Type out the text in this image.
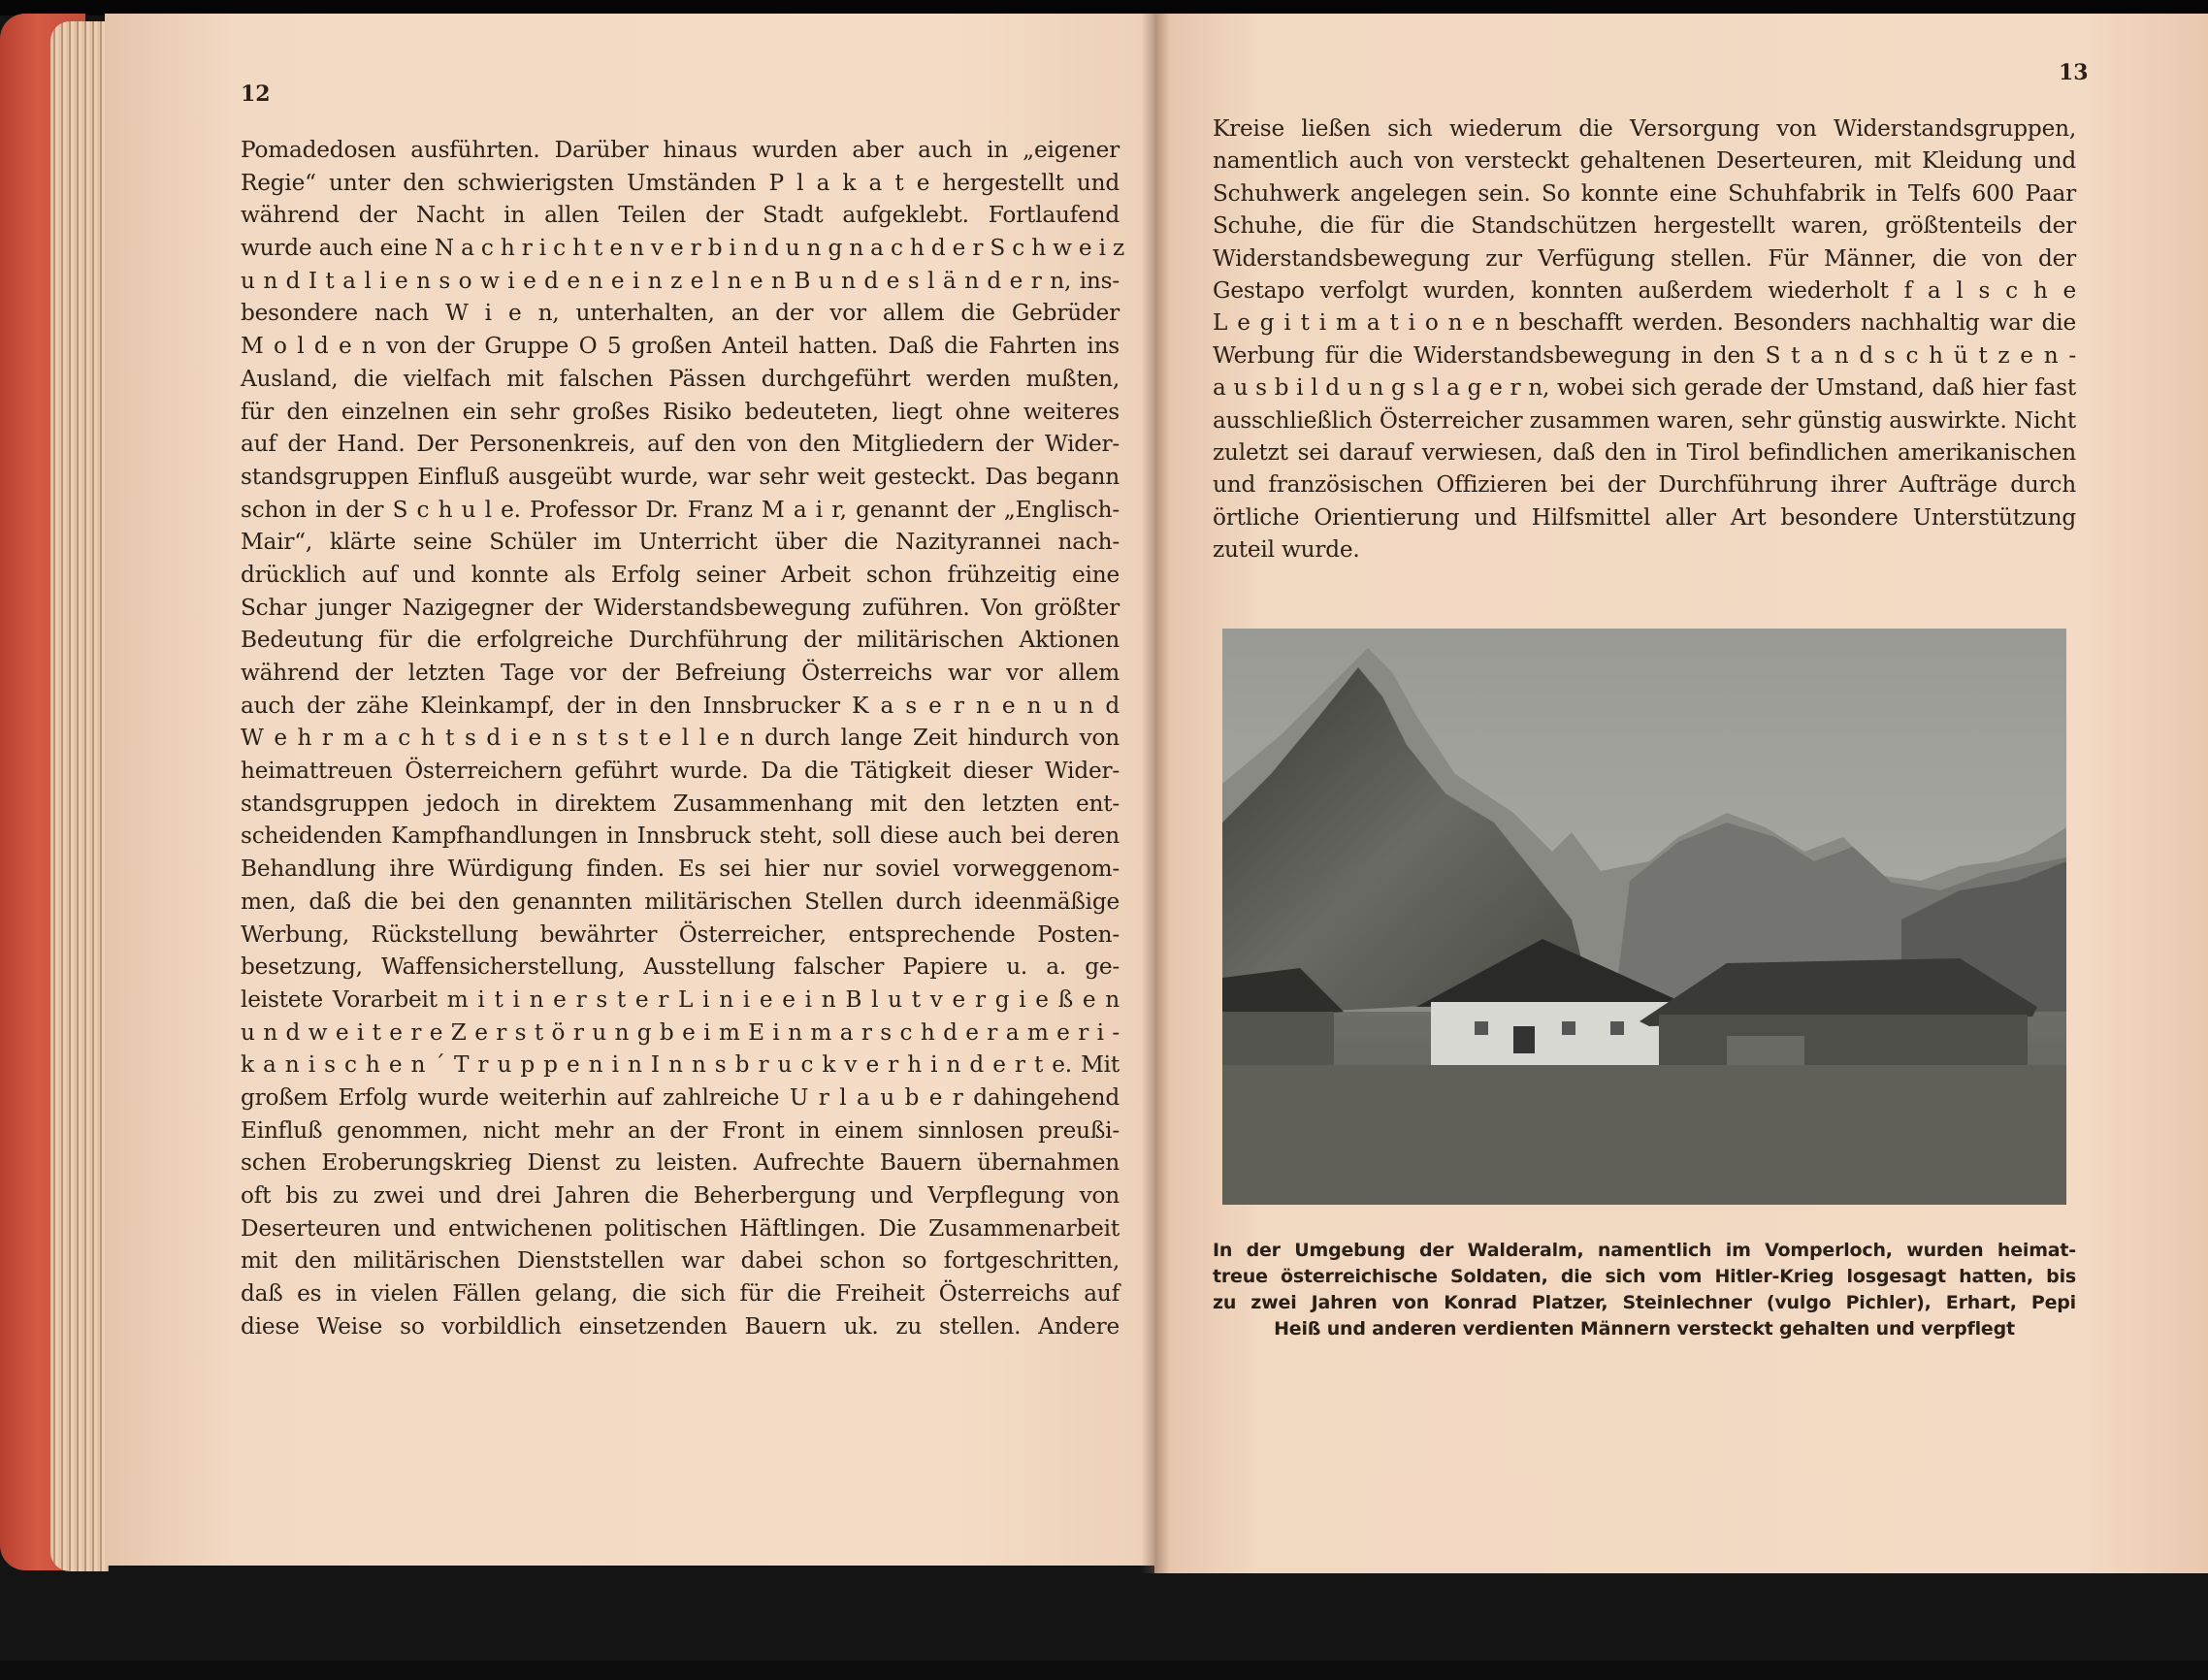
12
Pomadedosen ausführten. Darüber hinaus wurden aber auch in „eigener
Regie“ unter den schwierigsten Umständen P l a k a t e hergestellt und
während der Nacht in allen Teilen der Stadt aufgeklebt. Fortlaufend
wurde auch eine N a c h r i c h t e n v e r b i n d u n g n a c h d e r S c h w e i z
u n d I t a l i e n s o w i e d e n e i n z e l n e n B u n d e s l ä n d e r n, ins-
besondere nach W i e n, unterhalten, an der vor allem die Gebrüder
M o l d e n von der Gruppe O 5 großen Anteil hatten. Daß die Fahrten ins
Ausland, die vielfach mit falschen Pässen durchgeführt werden mußten,
für den einzelnen ein sehr großes Risiko bedeuteten, liegt ohne weiteres
auf der Hand. Der Personenkreis, auf den von den Mitgliedern der Wider-
standsgruppen Einfluß ausgeübt wurde, war sehr weit gesteckt. Das begann
schon in der S c h u l e. Professor Dr. Franz M a i r, genannt der „Englisch-
Mair“, klärte seine Schüler im Unterricht über die Nazityrannei nach-
drücklich auf und konnte als Erfolg seiner Arbeit schon frühzeitig eine
Schar junger Nazigegner der Widerstandsbewegung zuführen. Von größter
Bedeutung für die erfolgreiche Durchführung der militärischen Aktionen
während der letzten Tage vor der Befreiung Österreichs war vor allem
auch der zähe Kleinkampf, der in den Innsbrucker K a s e r n e n u n d
W e h r m a c h t s d i e n s t s t e l l e n durch lange Zeit hindurch von
heimattreuen Österreichern geführt wurde. Da die Tätigkeit dieser Wider-
standsgruppen jedoch in direktem Zusammenhang mit den letzten ent-
scheidenden Kampfhandlungen in Innsbruck steht, soll diese auch bei deren
Behandlung ihre Würdigung finden. Es sei hier nur soviel vorweggenom-
men, daß die bei den genannten militärischen Stellen durch ideenmäßige
Werbung, Rückstellung bewährter Österreicher, entsprechende Posten-
besetzung, Waffensicherstellung, Ausstellung falscher Papiere u. a. ge-
leistete Vorarbeit m i t i n e r s t e r L i n i e e i n B l u t v e r g i e ß e n
u n d w e i t e r e Z e r s t ö r u n g b e i m E i n m a r s c h d e r a m e r i -
k a n i s c h e n ´ T r u p p e n i n I n n s b r u c k v e r h i n d e r t e. Mit
großem Erfolg wurde weiterhin auf zahlreiche U r l a u b e r dahingehend
Einfluß genommen, nicht mehr an der Front in einem sinnlosen preußi-
schen Eroberungskrieg Dienst zu leisten. Aufrechte Bauern übernahmen
oft bis zu zwei und drei Jahren die Beherbergung und Verpflegung von
Deserteuren und entwichenen politischen Häftlingen. Die Zusammenarbeit
mit den militärischen Dienststellen war dabei schon so fortgeschritten,
daß es in vielen Fällen gelang, die sich für die Freiheit Österreichs auf
diese Weise so vorbildlich einsetzenden Bauern uk. zu stellen. Andere
13
Kreise ließen sich wiederum die Versorgung von Widerstandsgruppen,
namentlich auch von versteckt gehaltenen Deserteuren, mit Kleidung und
Schuhwerk angelegen sein. So konnte eine Schuhfabrik in Telfs 600 Paar
Schuhe, die für die Standschützen hergestellt waren, größtenteils der
Widerstandsbewegung zur Verfügung stellen. Für Männer, die von der
Gestapo verfolgt wurden, konnten außerdem wiederholt f a l s c h e
L e g i t i m a t i o n e n beschafft werden. Besonders nachhaltig war die
Werbung für die Widerstandsbewegung in den S t a n d s c h ü t z e n -
a u s b i l d u n g s l a g e r n, wobei sich gerade der Umstand, daß hier fast
ausschließlich Österreicher zusammen waren, sehr günstig auswirkte. Nicht
zuletzt sei darauf verwiesen, daß den in Tirol befindlichen amerikanischen
und französischen Offizieren bei der Durchführung ihrer Aufträge durch
örtliche Orientierung und Hilfsmittel aller Art besondere Unterstützung
zuteil wurde.
In der Umgebung der Walderalm, namentlich im Vomperloch, wurden heimat-
treue österreichische Soldaten, die sich vom Hitler-Krieg losgesagt hatten, bis
zu zwei Jahren von Konrad Platzer, Steinlechner (vulgo Pichler), Erhart, Pepi
Heiß und anderen verdienten Männern versteckt gehalten und verpflegt
